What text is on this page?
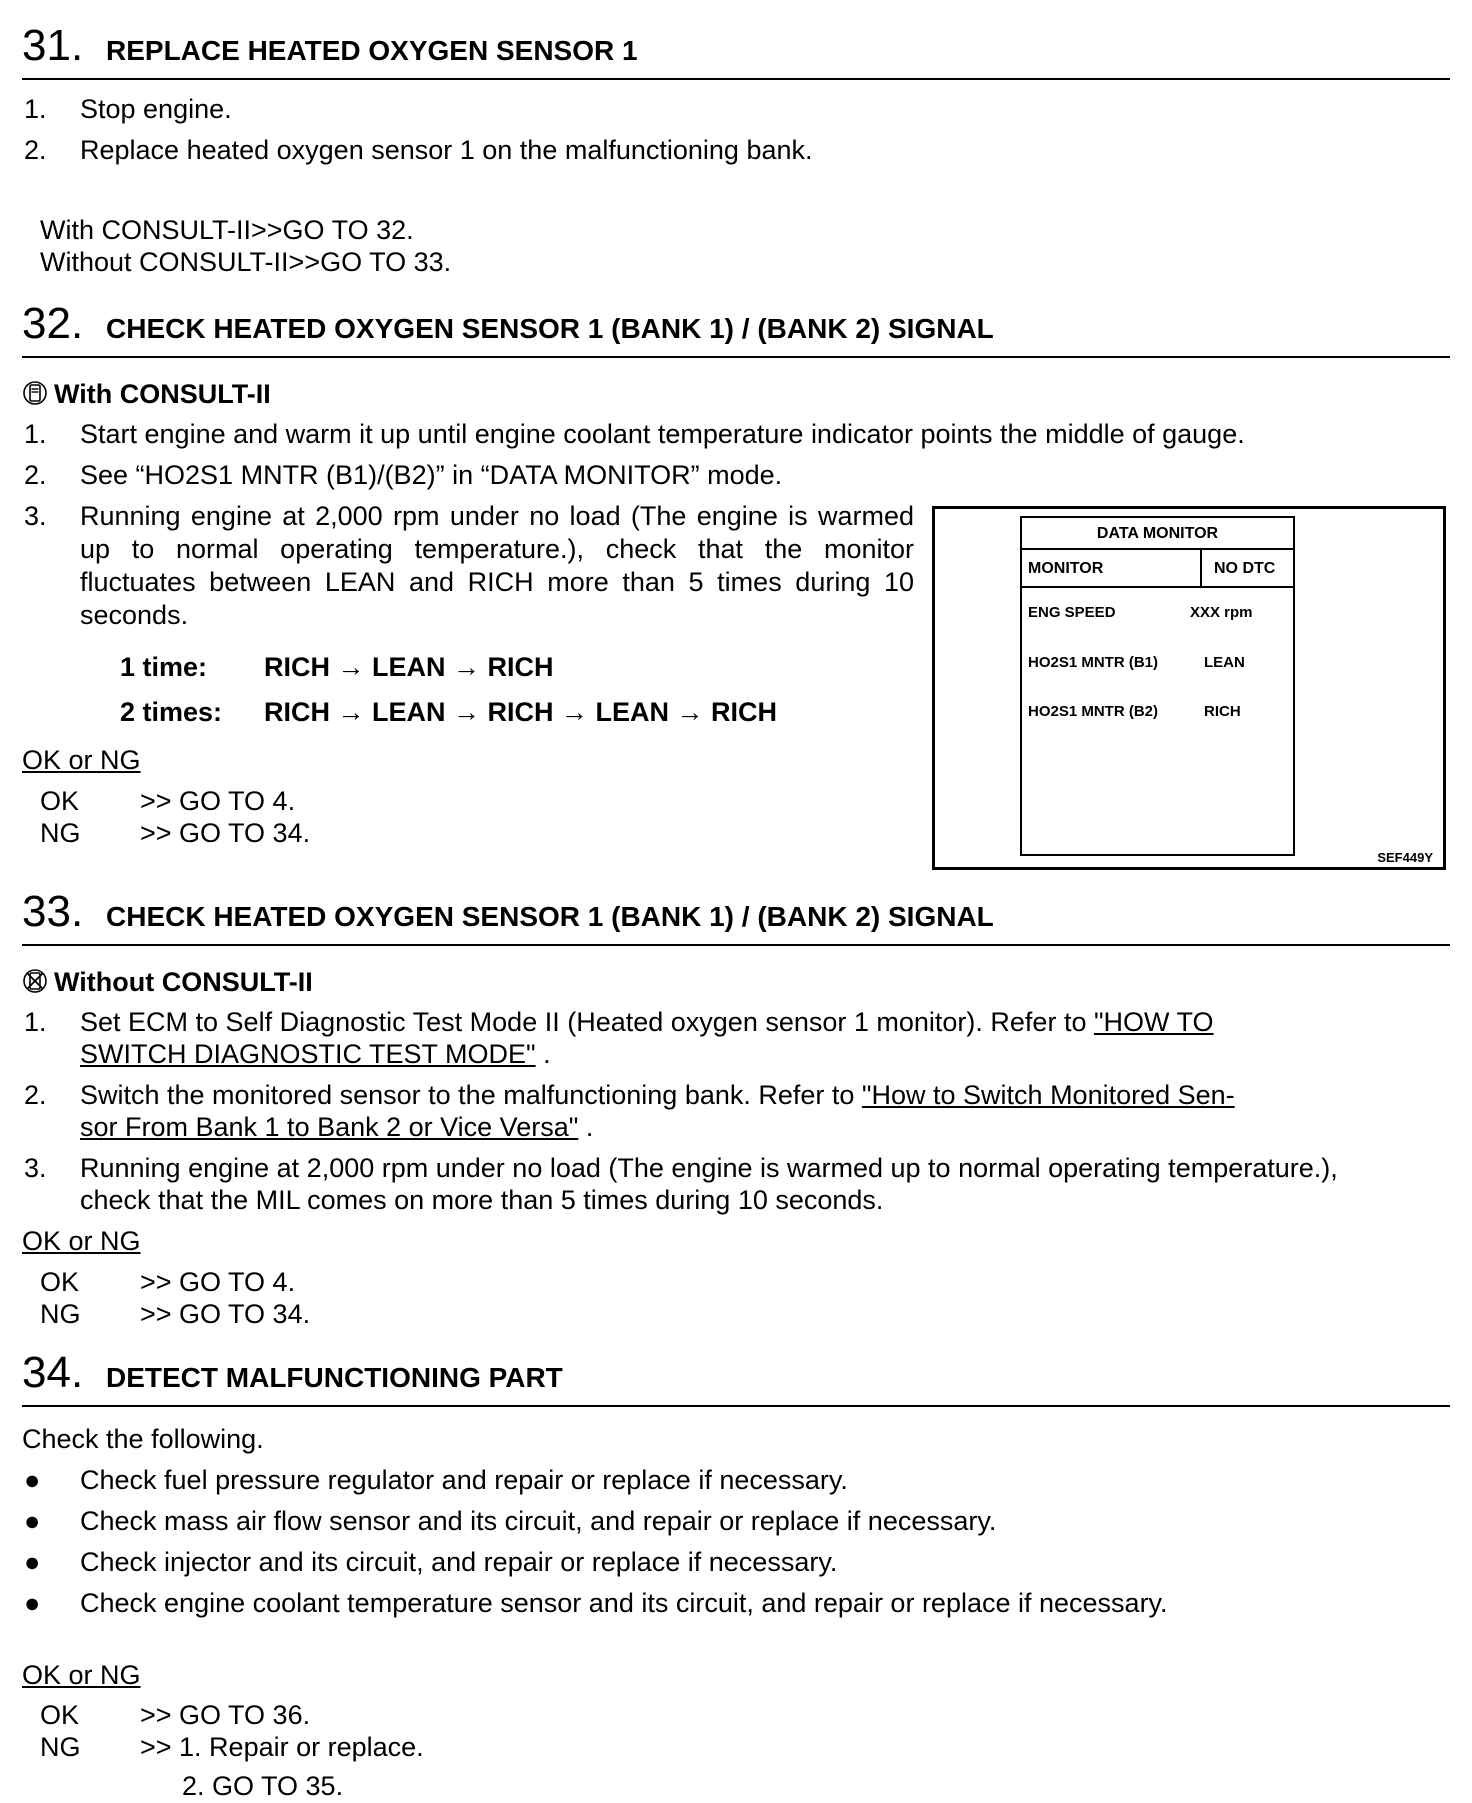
31. REPLACE HEATED OXYGEN SENSOR 1
1. Stop engine.
2. Replace heated oxygen sensor 1 on the malfunctioning bank.
With CONSULT-II>>GO TO 32.
Without CONSULT-II>>GO TO 33.
32. CHECK HEATED OXYGEN SENSOR 1 (BANK 1) / (BANK 2) SIGNAL
With CONSULT-II
1. Start engine and warm it up until engine coolant temperature indicator points the middle of gauge.
2. See “HO2S1 MNTR (B1)/(B2)” in “DATA MONITOR” mode.
3. Running engine at 2,000 rpm under no load (The engine is warmed up to normal operating temperature.), check that the monitor fluctuates between LEAN and RICH more than 5 times during 10 seconds.
1 time: RICH → LEAN → RICH
2 times: RICH → LEAN → RICH → LEAN → RICH
OK or NG
OK >> GO TO 4.
NG >> GO TO 34.
DATA MONITOR
MONITOR	NO DTC
ENG SPEED	XXX rpm
HO2S1 MNTR (B1)	LEAN
HO2S1 MNTR (B2)	RICH
SEF449Y
33. CHECK HEATED OXYGEN SENSOR 1 (BANK 1) / (BANK 2) SIGNAL
Without CONSULT-II
1. Set ECM to Self Diagnostic Test Mode II (Heated oxygen sensor 1 monitor). Refer to "HOW TO
SWITCH DIAGNOSTIC TEST MODE" .
2. Switch the monitored sensor to the malfunctioning bank. Refer to "How to Switch Monitored Sen-
sor From Bank 1 to Bank 2 or Vice Versa" .
3. Running engine at 2,000 rpm under no load (The engine is warmed up to normal operating temperature.),
check that the MIL comes on more than 5 times during 10 seconds.
OK or NG
OK >> GO TO 4.
NG >> GO TO 34.
34. DETECT MALFUNCTIONING PART
Check the following.
● Check fuel pressure regulator and repair or replace if necessary.
● Check mass air flow sensor and its circuit, and repair or replace if necessary.
● Check injector and its circuit, and repair or replace if necessary.
● Check engine coolant temperature sensor and its circuit, and repair or replace if necessary.
OK or NG
OK >> GO TO 36.
NG >> 1. Repair or replace.
2. GO TO 35.
